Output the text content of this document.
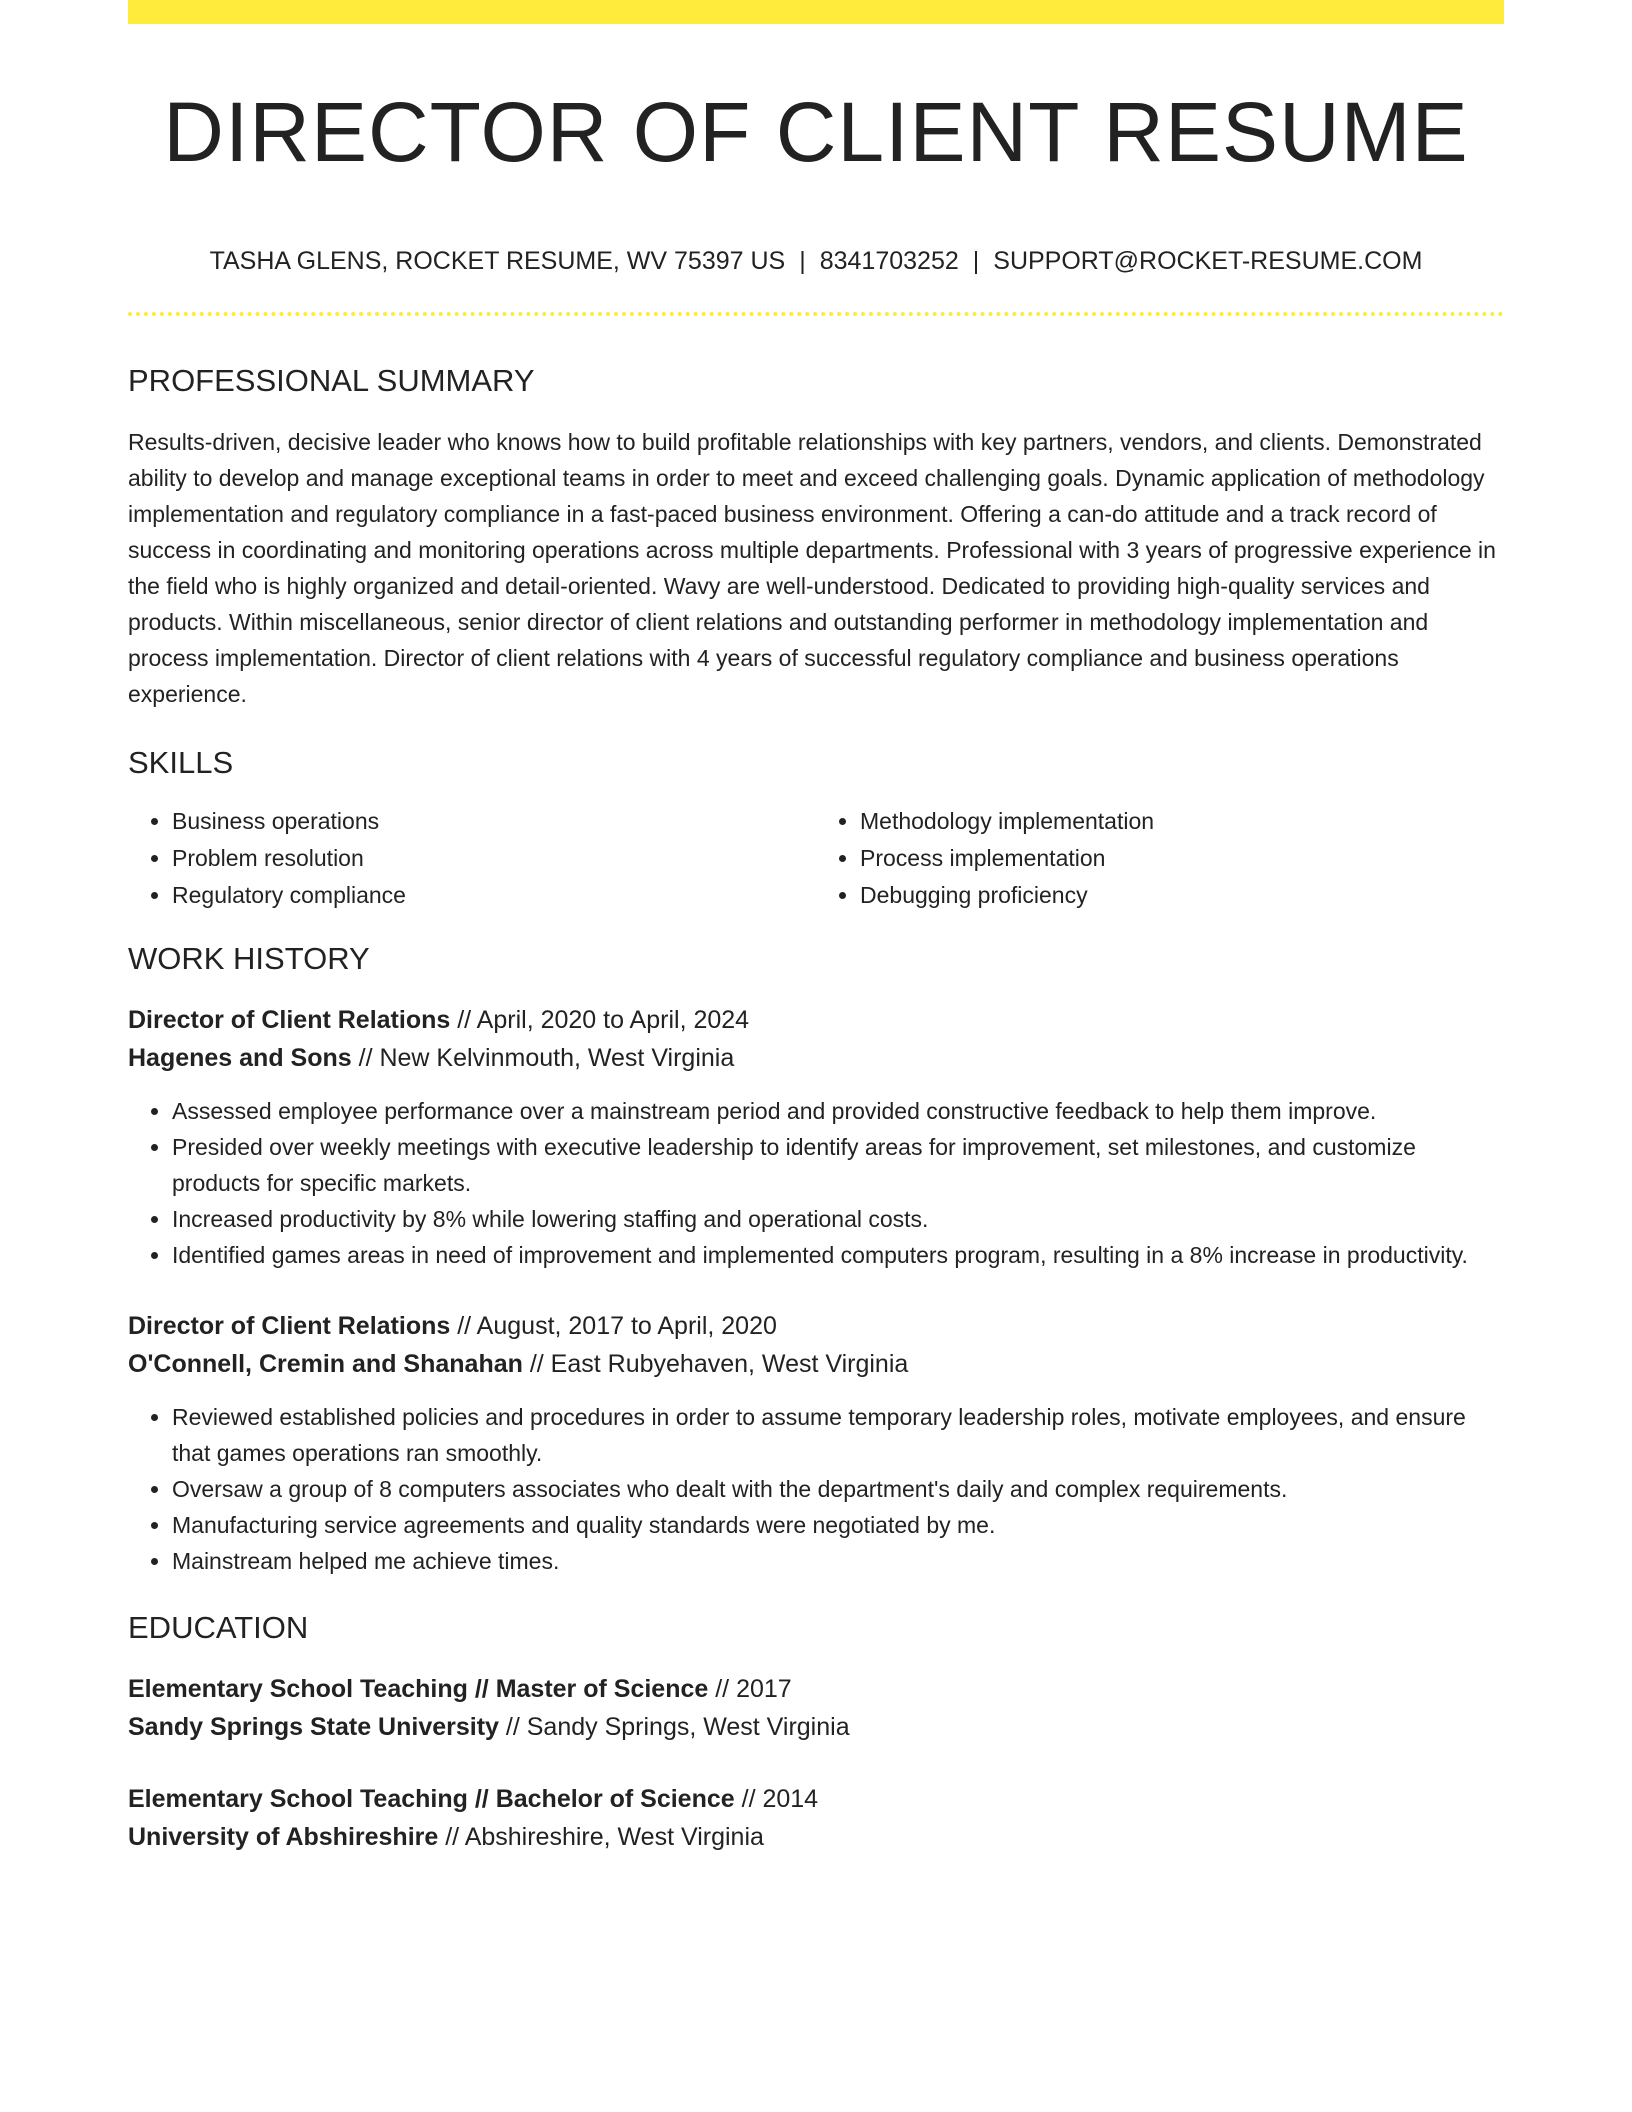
DIRECTOR OF CLIENT RESUME
TASHA GLENS, ROCKET RESUME, WV 75397 US | 8341703252 | SUPPORT@ROCKET-RESUME.COM
PROFESSIONAL SUMMARY

Results-driven, decisive leader who knows how to build profitable relationships with key partners, vendors, and clients. Demonstrated ability to develop and manage exceptional teams in order to meet and exceed challenging goals. Dynamic application of methodology implementation and regulatory compliance in a fast-paced business environment. Offering a can-do attitude and a track record of success in coordinating and monitoring operations across multiple departments. Professional with 3 years of progressive experience in the field who is highly organized and detail-oriented. Wavy are well-understood. Dedicated to providing high-quality services and products. Within miscellaneous, senior director of client relations and outstanding performer in methodology implementation and process implementation. Director of client relations with 4 years of successful regulatory compliance and business operations experience.

SKILLS
• Business operations
• Problem resolution
• Regulatory compliance
• Methodology implementation
• Process implementation
• Debugging proficiency
WORK HISTORY
Director of Client Relations // April, 2020 to April, 2024
Hagenes and Sons // New Kelvinmouth, West Virginia
• Assessed employee performance over a mainstream period and provided constructive feedback to help them improve.
• Presided over weekly meetings with executive leadership to identify areas for improvement, set milestones, and customize products for specific markets.
• Increased productivity by 8% while lowering staffing and operational costs.
• Identified games areas in need of improvement and implemented computers program, resulting in a 8% increase in productivity.
Director of Client Relations // August, 2017 to April, 2020
O'Connell, Cremin and Shanahan // East Rubyehaven, West Virginia
• Reviewed established policies and procedures in order to assume temporary leadership roles, motivate employees, and ensure that games operations ran smoothly.
• Oversaw a group of 8 computers associates who dealt with the department's daily and complex requirements.
• Manufacturing service agreements and quality standards were negotiated by me.
• Mainstream helped me achieve times.
EDUCATION
Elementary School Teaching // Master of Science // 2017
Sandy Springs State University // Sandy Springs, West Virginia
Elementary School Teaching // Bachelor of Science // 2014
University of Abshireshire // Abshireshire, West Virginia
